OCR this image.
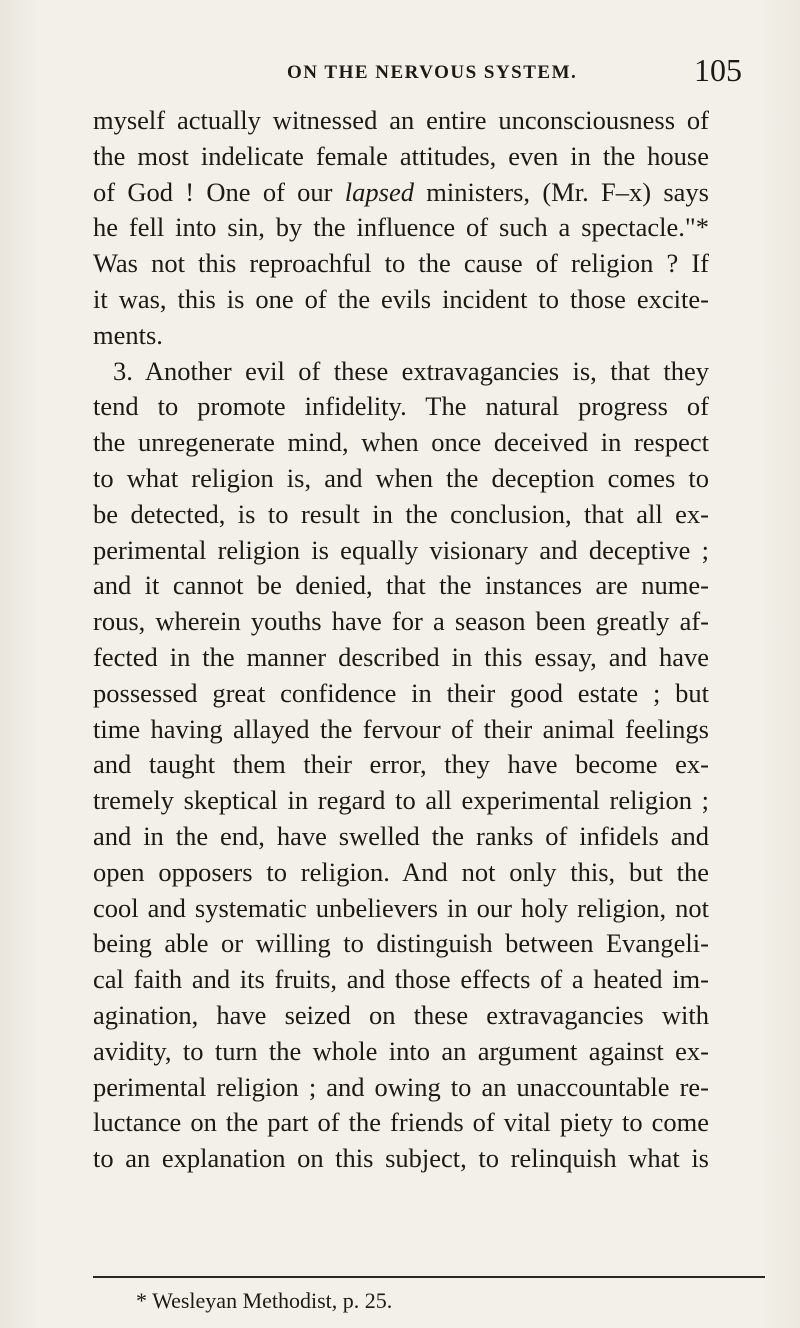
ON THE NERVOUS SYSTEM.	105
myself actually witnessed an entire unconsciousness of
the most indelicate female attitudes, even in the house
of God ! One of our lapsed ministers, (Mr. F–x) says
he fell into sin, by the influence of such a spectacle."*
Was not this reproachful to the cause of religion ? If
it was, this is one of the evils incident to those excite-
ments.
3. Another evil of these extravagancies is, that they
tend to promote infidelity. The natural progress of
the unregenerate mind, when once deceived in respect
to what religion is, and when the deception comes to
be detected, is to result in the conclusion, that all ex-
perimental religion is equally visionary and deceptive ;
and it cannot be denied, that the instances are nume-
rous, wherein youths have for a season been greatly af-
fected in the manner described in this essay, and have
possessed great confidence in their good estate ; but
time having allayed the fervour of their animal feelings
and taught them their error, they have become ex-
tremely skeptical in regard to all experimental religion ;
and in the end, have swelled the ranks of infidels and
open opposers to religion. And not only this, but the
cool and systematic unbelievers in our holy religion, not
being able or willing to distinguish between Evangeli-
cal faith and its fruits, and those effects of a heated im-
agination, have seized on these extravagancies with
avidity, to turn the whole into an argument against ex-
perimental religion ; and owing to an unaccountable re-
luctance on the part of the friends of vital piety to come
to an explanation on this subject, to relinquish what is
* Wesleyan Methodist, p. 25.
